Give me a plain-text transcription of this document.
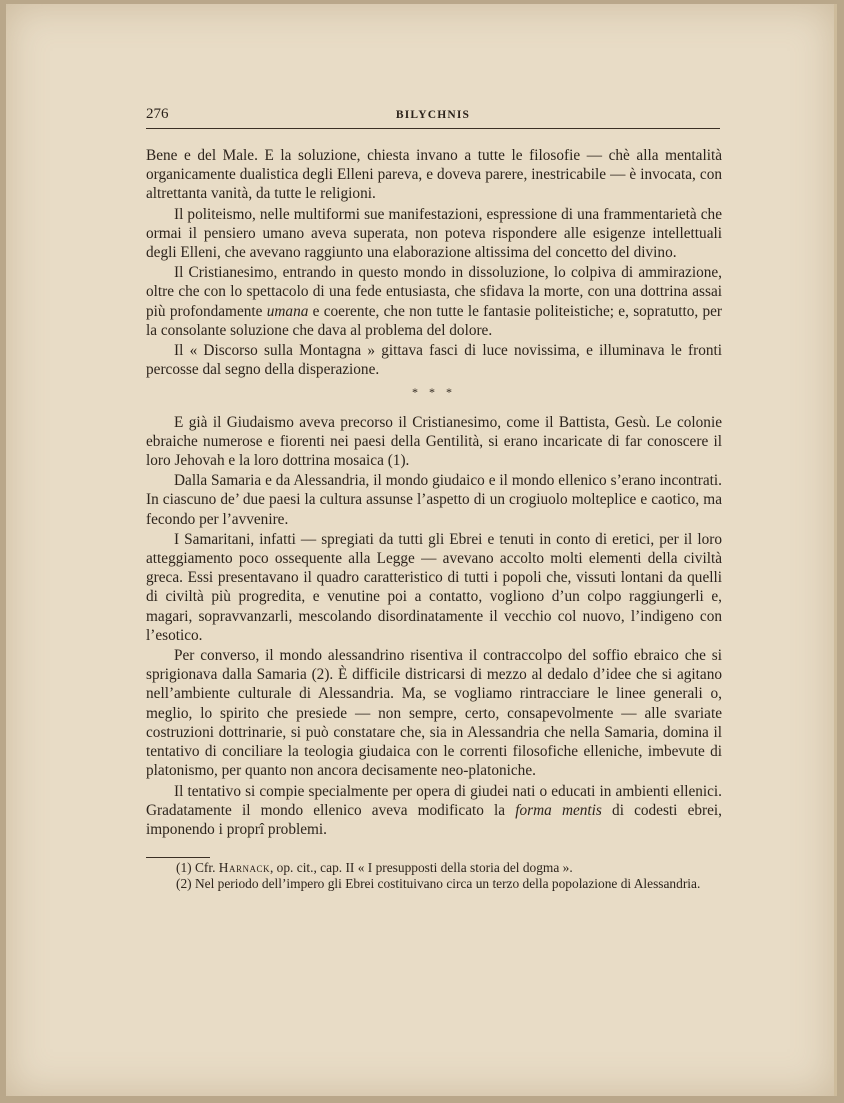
276	BILYCHNIS

Bene e del Male. E la soluzione, chiesta invano a tutte le filosofie — chè alla mentalità organicamente dualistica degli Elleni pareva, e doveva parere, inestricabile — è invocata, con altrettanta vanità, da tutte le religioni.

Il politeismo, nelle multiformi sue manifestazioni, espressione di una frammentarietà che ormai il pensiero umano aveva superata, non poteva rispondere alle esigenze intellettuali degli Elleni, che avevano raggiunto una elaborazione altissima del concetto del divino.

Il Cristianesimo, entrando in questo mondo in dissoluzione, lo colpiva di ammirazione, oltre che con lo spettacolo di una fede entusiasta, che sfidava la morte, con una dottrina assai più profondamente umana e coerente, che non tutte le fantasie politeistiche; e, sopratutto, per la consolante soluzione che dava al problema del dolore.

Il « Discorso sulla Montagna » gittava fasci di luce novissima, e illuminava le fronti percosse dal segno della disperazione.

* * *

E già il Giudaismo aveva precorso il Cristianesimo, come il Battista, Gesù. Le colonie ebraiche numerose e fiorenti nei paesi della Gentilità, si erano incaricate di far conoscere il loro Jehovah e la loro dottrina mosaica (1).

Dalla Samaria e da Alessandria, il mondo giudaico e il mondo ellenico s’erano incontrati. In ciascuno de’ due paesi la cultura assunse l’aspetto di un crogiuolo molteplice e caotico, ma fecondo per l’avvenire.

I Samaritani, infatti — spregiati da tutti gli Ebrei e tenuti in conto di eretici, per il loro atteggiamento poco ossequente alla Legge — avevano accolto molti elementi della civiltà greca. Essi presentavano il quadro caratteristico di tutti i popoli che, vissuti lontani da quelli di civiltà più progredita, e venutine poi a contatto, vogliono d’un colpo raggiungerli e, magari, sopravvanzarli, mescolando disordinatamente il vecchio col nuovo, l’indigeno con l’esotico.

Per converso, il mondo alessandrino risentiva il contraccolpo del soffio ebraico che si sprigionava dalla Samaria (2). È difficile districarsi di mezzo al dedalo d’idee che si agitano nell’ambiente culturale di Alessandria. Ma, se vogliamo rintracciare le linee generali o, meglio, lo spirito che presiede — non sempre, certo, consapevolmente — alle svariate costruzioni dottrinarie, si può constatare che, sia in Alessandria che nella Samaria, domina il tentativo di conciliare la teologia giudaica con le correnti filosofiche elleniche, imbevute di platonismo, per quanto non ancora decisamente neo-platoniche.

Il tentativo si compie specialmente per opera di giudei nati o educati in ambienti ellenici. Gradatamente il mondo ellenico aveva modificato la forma mentis di codesti ebrei, imponendo i proprî problemi.

(1) Cfr. Harnack, op. cit., cap. II « I presupposti della storia del dogma ».

(2) Nel periodo dell’impero gli Ebrei costituivano circa un terzo della popolazione di Alessandria.
